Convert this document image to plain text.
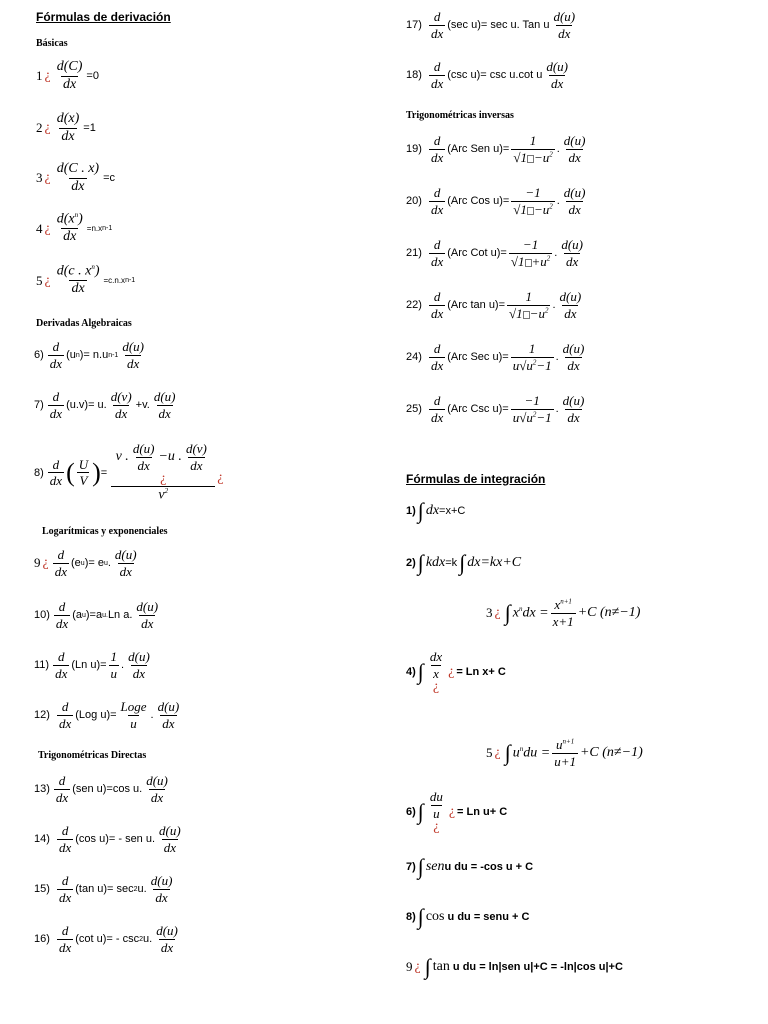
Fórmulas de derivación
Básicas
1 ¿ $\frac{d(C)}{dx} =0$
2 ¿ $\frac{d(x)}{dx} =1$
3 ¿ $\frac{d(C . x)}{dx} =c$
4 ¿ $\frac{d(x^n)}{dx} =n.x$ n-1
5 ¿ $\frac{d(c . x^n)}{dx} =c.n.x$ n-1
Derivadas Algebraicas
$6) \frac{d}{dx} (u$ n )= n.u $n-1 \frac{d(u)}{dx}$
$7) \frac{d}{dx} (u.v)= u$. $\frac{d(v)}{dx} +v$. $\frac{d(u)}{dx}$
$8) \frac{d}{dx}$ ( $\frac{U}{V}$ ) =
v . $\frac{d(u)}{dx} -u$ . $\frac{d(v)}{dx}$
¿
$v^2$
¿
Logarítmicas y exponenciales
9 ¿ $\frac{d}{dx} (e$ u )= e u . $\frac{d(u)}{dx}$
$10) \frac{d}{dx} (a$ u )=a u. Ln a. $\frac{d(u)}{dx}$
$11) \frac{d}{dx} (Ln$ $u)= \frac{1}{u}$ . $\frac{d(u)}{dx}$
12)
$\frac{d}{dx} (Log$ $u)= \frac{\text{Loge}}{u}$ . $\frac{d(u)}{dx}$
Trigonométricas Directas
$13) \frac{d}{dx} (sen$ u)=cos u. $\frac{d(u)}{dx}$
14)
$\frac{d}{dx} (\cos$ u)= - sen u. $\frac{d(u)}{dx}$
15)
$\frac{d}{dx} (\tan$ u)= sec 2 u. $\frac{d(u)}{dx}$
16)
$\frac{d}{dx} (\cot$ u)= - csc 2 u. $\frac{d(u)}{dx}$
17)
$\frac{d}{dx} (\sec$ u)= sec u. Tan u $\frac{d(u)}{dx}$
18)
$\frac{d}{dx} (\csc$ u)= csc u.cot u $\frac{d(u)}{dx}$
Trigonométricas inversas
19)
$\frac{d}{dx} (Arc$ Sen $u)= \frac{1}{√1 -u^2}$ . $\frac{d(u)}{dx}$
20)
$\frac{d}{dx} (Arc$ Cos $u)= \frac{-1}{√1 -u^2}$ . $\frac{d(u)}{dx}$
21)
$\frac{d}{dx} (Arc$ Cot $u)= \frac{-1}{√1 +u^2}$ . $\frac{d(u)}{dx}$
22)
$\frac{d}{dx} (Arc$ $\tan u)= \frac{1}{√1 -u^2}$ . $\frac{d(u)}{dx}$
24)
$\frac{d}{dx} (Arc$ Sec $u)= \frac{1}{u√u^2-1}$ . $\frac{d(u)}{dx}$
25)
$\frac{d}{dx} (Arc$ Csc $u)= \frac{-1}{u√u^2-1}$ . $\frac{d(u)}{dx}$
Fórmulas de integración
1) ∫ dx =x+C
2) ∫ kdx =k ∫ dx =kx+C
3 ¿ ∫ $x^ndx = \frac{x^{n+1}}{x+1} +C$ (n≠−1)
4) ∫ $\frac{dx}{x}$
¿
¿ = Ln x+ C
5 ¿ ∫ $u^ndu = \frac{u^{n+1}}{u+1} +C$ (n≠−1)
6) ∫ $\frac{du}{u}$
¿
¿ = Ln u+ C
7) ∫ sen u du = -cos u + C
8) ∫ cos
u du = senu + C
9 ¿ ∫ tan
u du = ln|sen u|+C = -ln|cos u|+C
